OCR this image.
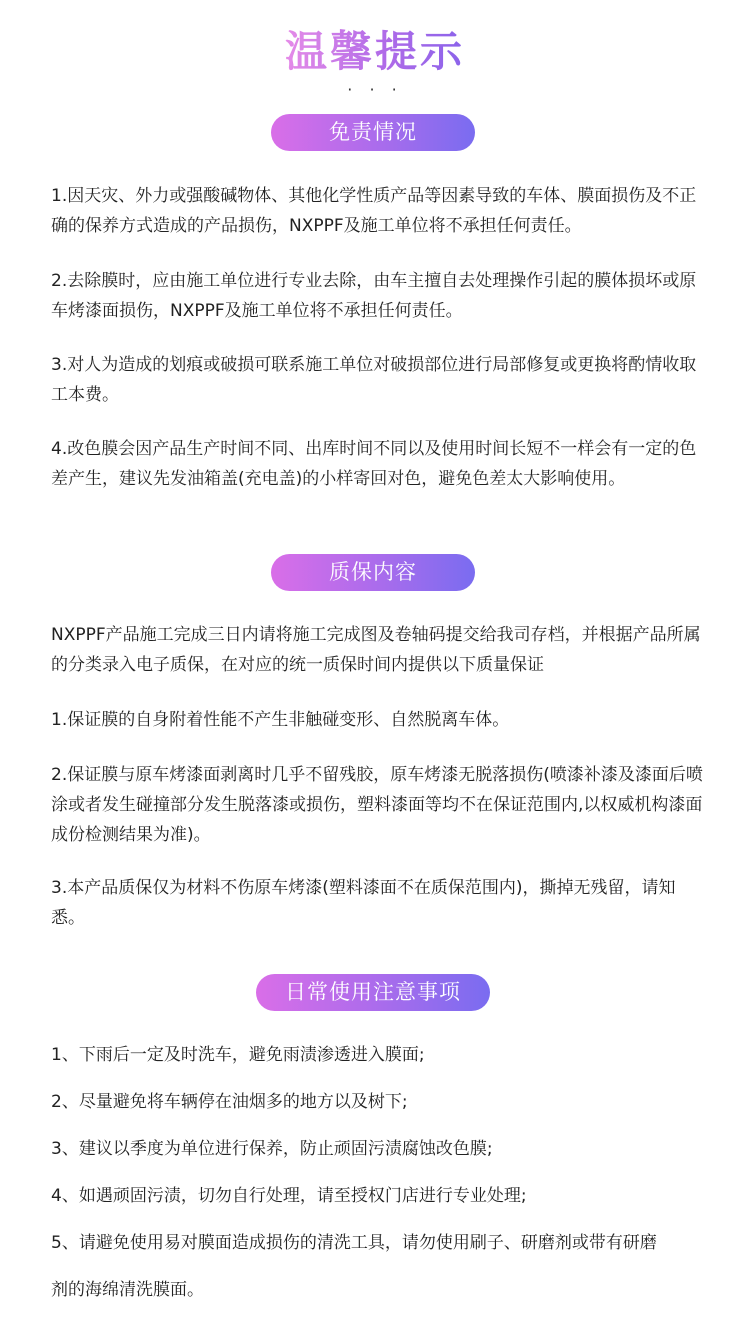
温馨提示
· · ·
免责情况

1.因天灾、外力或强酸碱物体、其他化学性质产品等因素导致的车体、膜面损伤及不正确的保养方式造成的产品损伤，NXPPF及施工单位将不承担任何责任。

2.去除膜时，应由施工单位进行专业去除，由车主擅自去处理操作引起的膜体损坏或原车烤漆面损伤，NXPPF及施工单位将不承担任何责任。

3.对人为造成的划痕或破损可联系施工单位对破损部位进行局部修复或更换将酌情收取工本费。

4.改色膜会因产品生产时间不同、出库时间不同以及使用时间长短不一样会有一定的色差产生，建议先发油箱盖(充电盖)的小样寄回对色，避免色差太大影响使用。

质保内容

NXPPF产品施工完成三日内请将施工完成图及卷轴码提交给我司存档，并根据产品所属的分类录入电子质保，在对应的统一质保时间内提供以下质量保证

1.保证膜的自身附着性能不产生非触碰变形、自然脱离车体。

2.保证膜与原车烤漆面剥离时几乎不留残胶，原车烤漆无脱落损伤(喷漆补漆及漆面后喷涂或者发生碰撞部分发生脱落漆或损伤，塑料漆面等均不在保证范围内,以权威机构漆面成份检测结果为准)。

3.本产品质保仅为材料不伤原车烤漆(塑料漆面不在质保范围内)，撕掉无残留，请知悉。

日常使用注意事项
1、下雨后一定及时洗车，避免雨渍渗透进入膜面;
2、尽量避免将车辆停在油烟多的地方以及树下;
3、建议以季度为单位进行保养，防止顽固污渍腐蚀改色膜;
4、如遇顽固污渍，切勿自行处理，请至授权门店进行专业处理;
5、请避免使用易对膜面造成损伤的清洗工具，请勿使用刷子、研磨剂或带有研磨
剂的海绵清洗膜面。
